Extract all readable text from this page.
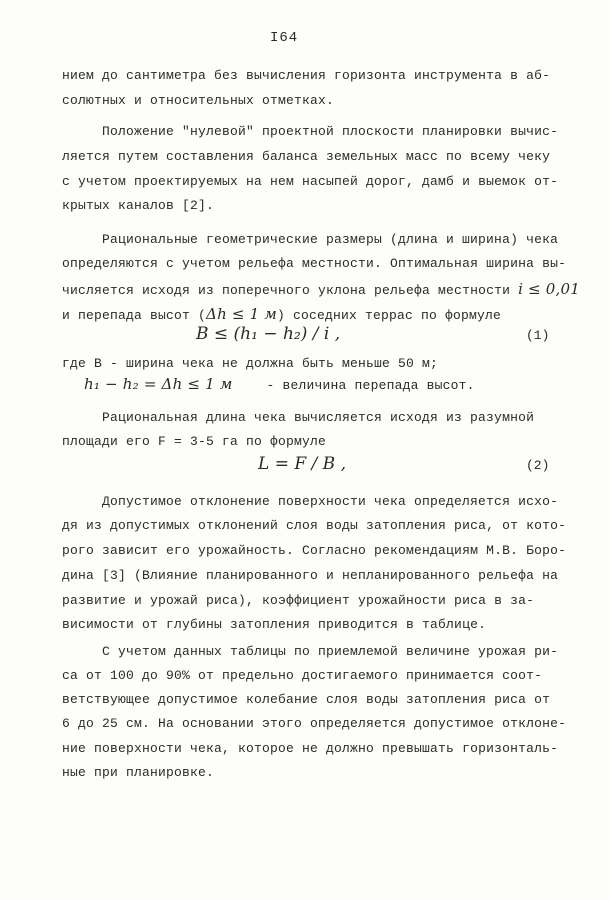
I64
нием до сантиметра без вычисления горизонта инструмента в аб-
солютных и относительных отметках.
Положение "нулевой" проектной плоскости планировки вычис-
ляется путем составления баланса земельных масс по всему чеку
с учетом проектируемых на нем насыпей дорог, дамб и выемок от-
крытых каналов [2].
Рациональные геометрические размеры (длина и ширина) чека
определяются с учетом рельефа местности. Оптимальная ширина вы-
числяется исходя из поперечного уклона рельефа местности i ≤ 0,01
и перепада высот (Δh ≤ 1 м) соседних террас по формуле
B ≤ (h₁ − h₂) / i ,	(1)
где В - ширина чека не должна быть меньше 50 м;
h₁ − h₂ = Δh ≤ 1 м	- величина перепада высот.
Рациональная длина чека вычисляется исходя из разумной
площади его F = 3-5 га по формуле
L = F / B ,	(2)
Допустимое отклонение поверхности чека определяется исхо-
дя из допустимых отклонений слоя воды затопления риса, от кото-
рого зависит его урожайность. Согласно рекомендациям М.В. Боро-
дина [3] (Влияние планированного и непланированного рельефа на
развитие и урожай риса), коэффициент урожайности риса в за-
висимости от глубины затопления приводится в таблице.
С учетом данных таблицы по приемлемой величине урожая ри-
са от 100 до 90% от предельно достигаемого принимается соот-
ветствующее допустимое колебание слоя воды затопления риса от
6 до 25 см. На основании этого определяется допустимое отклоне-
ние поверхности чека, которое не должно превышать горизонталь-
ные при планировке.
